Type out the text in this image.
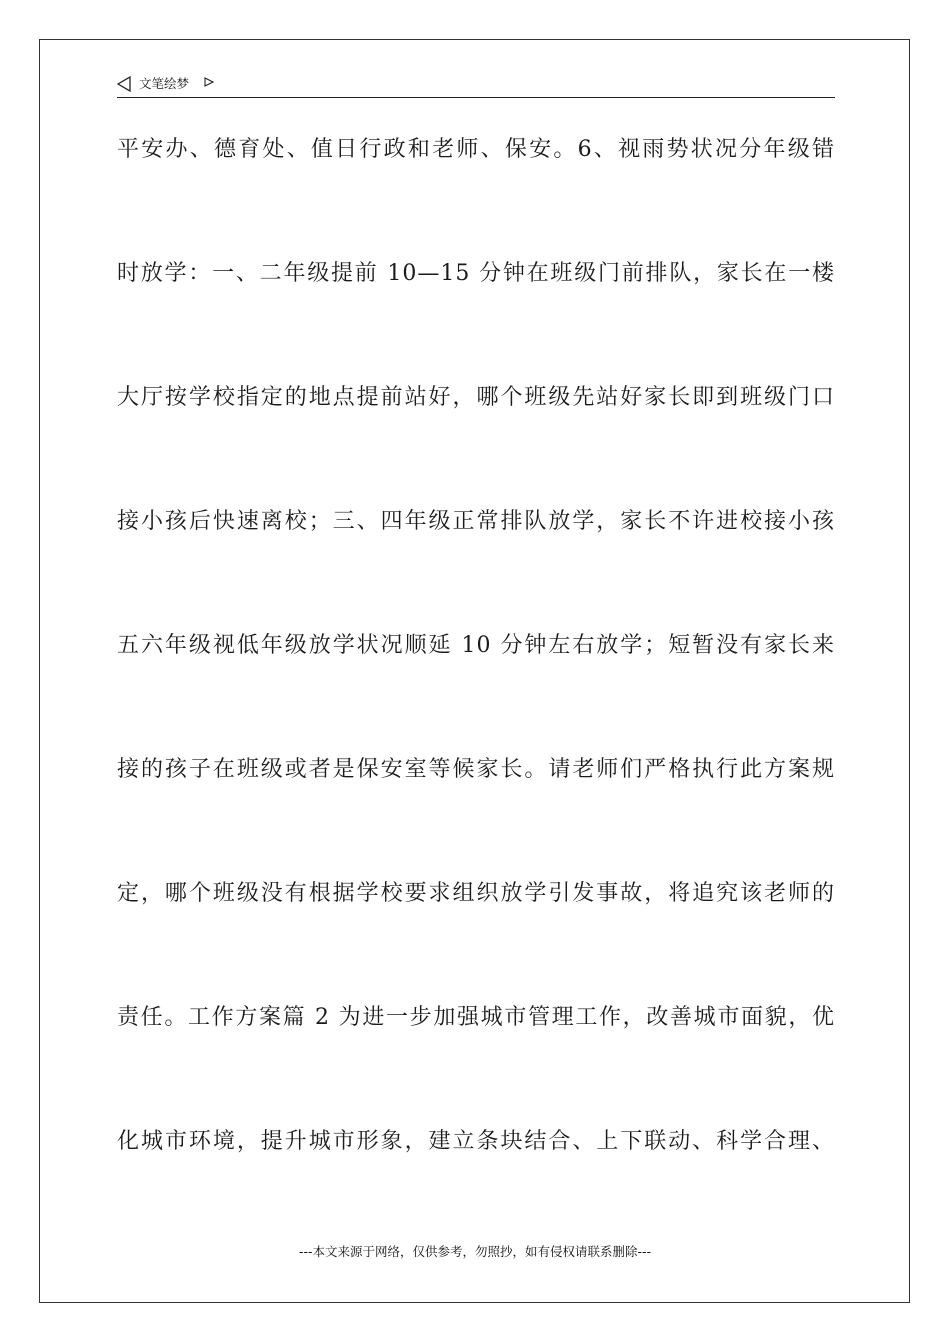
文笔绘梦
平安办、德育处、值日行政和老师、保安。6、视雨势状况分年级错
时放学：一、二年级提前 10—15 分钟在班级门前排队，家长在一楼
大厅按学校指定的地点提前站好，哪个班级先站好家长即到班级门口
接小孩后快速离校；三、四年级正常排队放学，家长不许进校接小孩
五六年级视低年级放学状况顺延 10 分钟左右放学；短暂没有家长来
接的孩子在班级或者是保安室等候家长。请老师们严格执行此方案规
定，哪个班级没有根据学校要求组织放学引发事故，将追究该老师的
责任。工作方案篇 2 为进一步加强城市管理工作，改善城市面貌，优
化城市环境，提升城市形象，建立条块结合、上下联动、科学合理、
---本文来源于网络，仅供参考，勿照抄，如有侵权请联系删除---
